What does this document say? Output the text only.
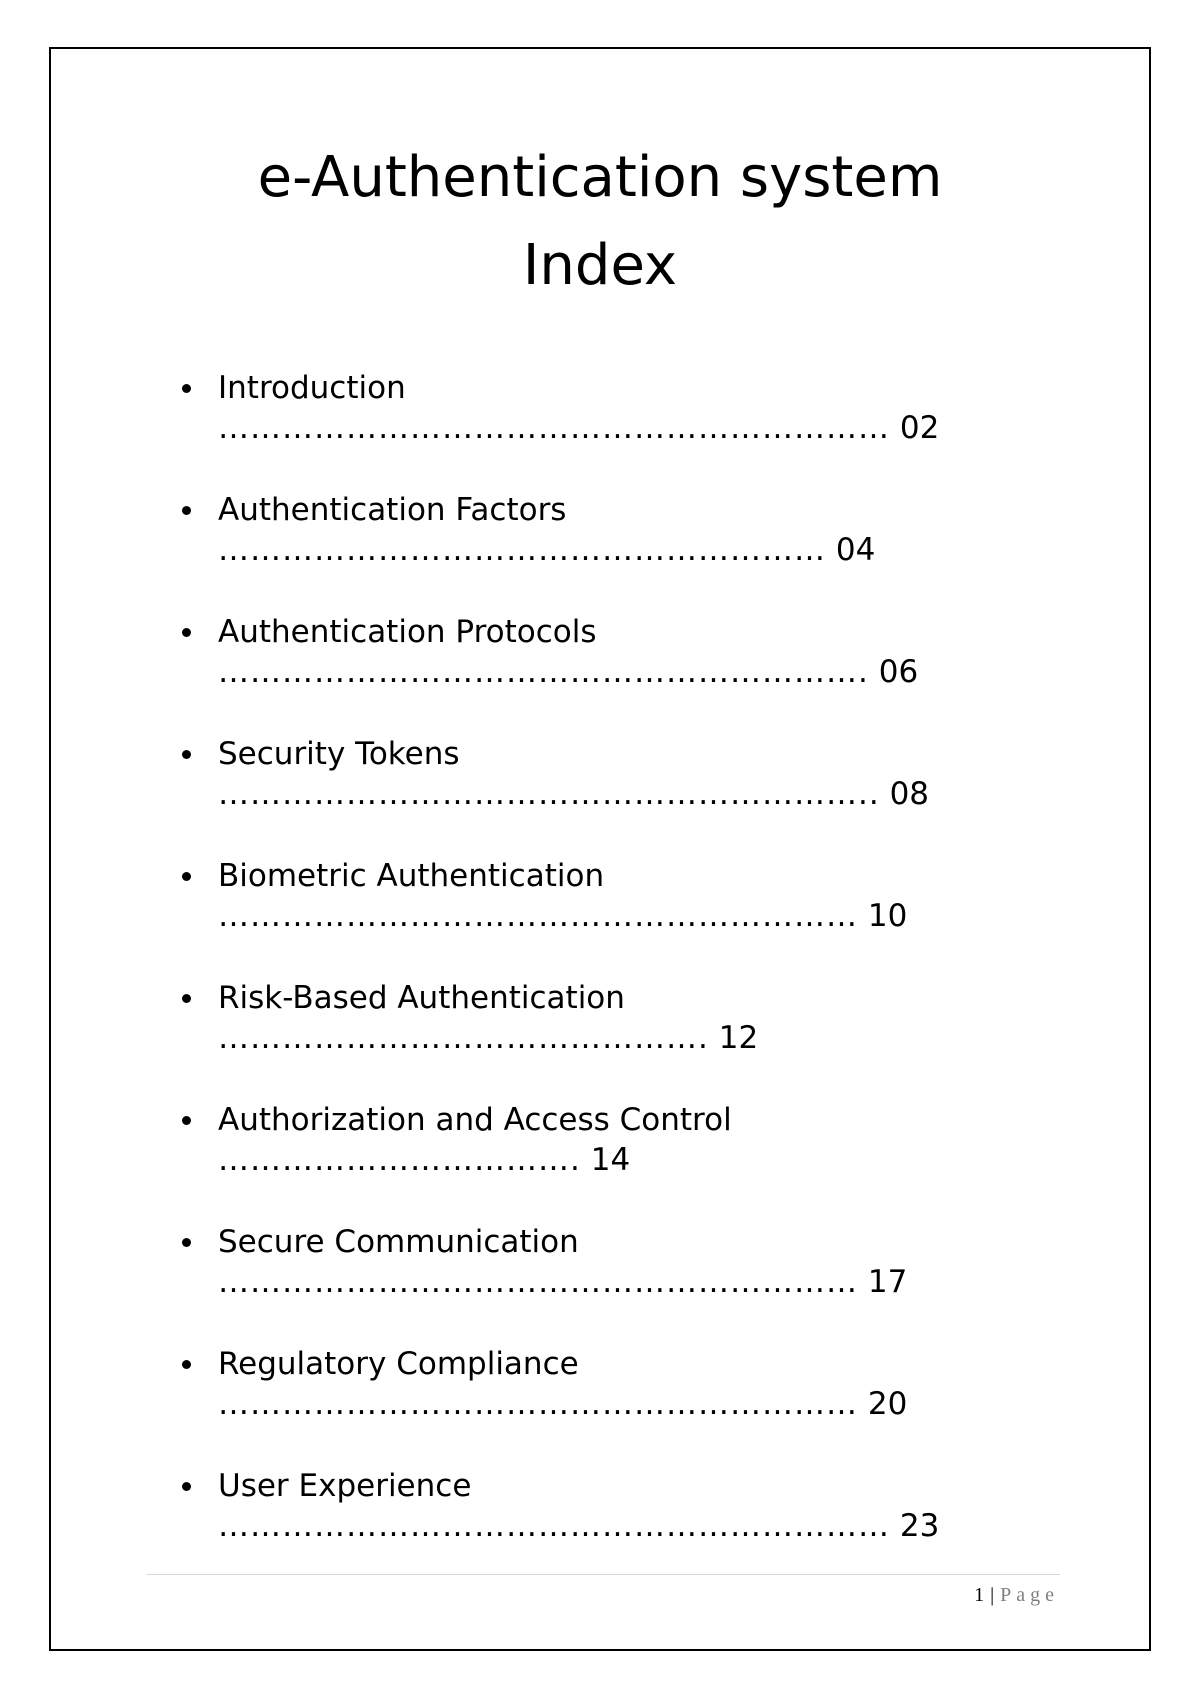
e-Authentication system
Index
Introduction
……………………………………………………… 02
Authentication Factors
………………………………………………… 04
Authentication Protocols
……………………………………………………. 06
Security Tokens
…………………………………………………….. 08
Biometric Authentication
…………………………………………………… 10
Risk-Based Authentication
………………………………………. 12
Authorization and Access Control
……………………………. 14
Secure Communication
…………………………………………………… 17
Regulatory Compliance
…………………………………………………… 20
User Experience
……………………………………………………… 23
1 | Page
